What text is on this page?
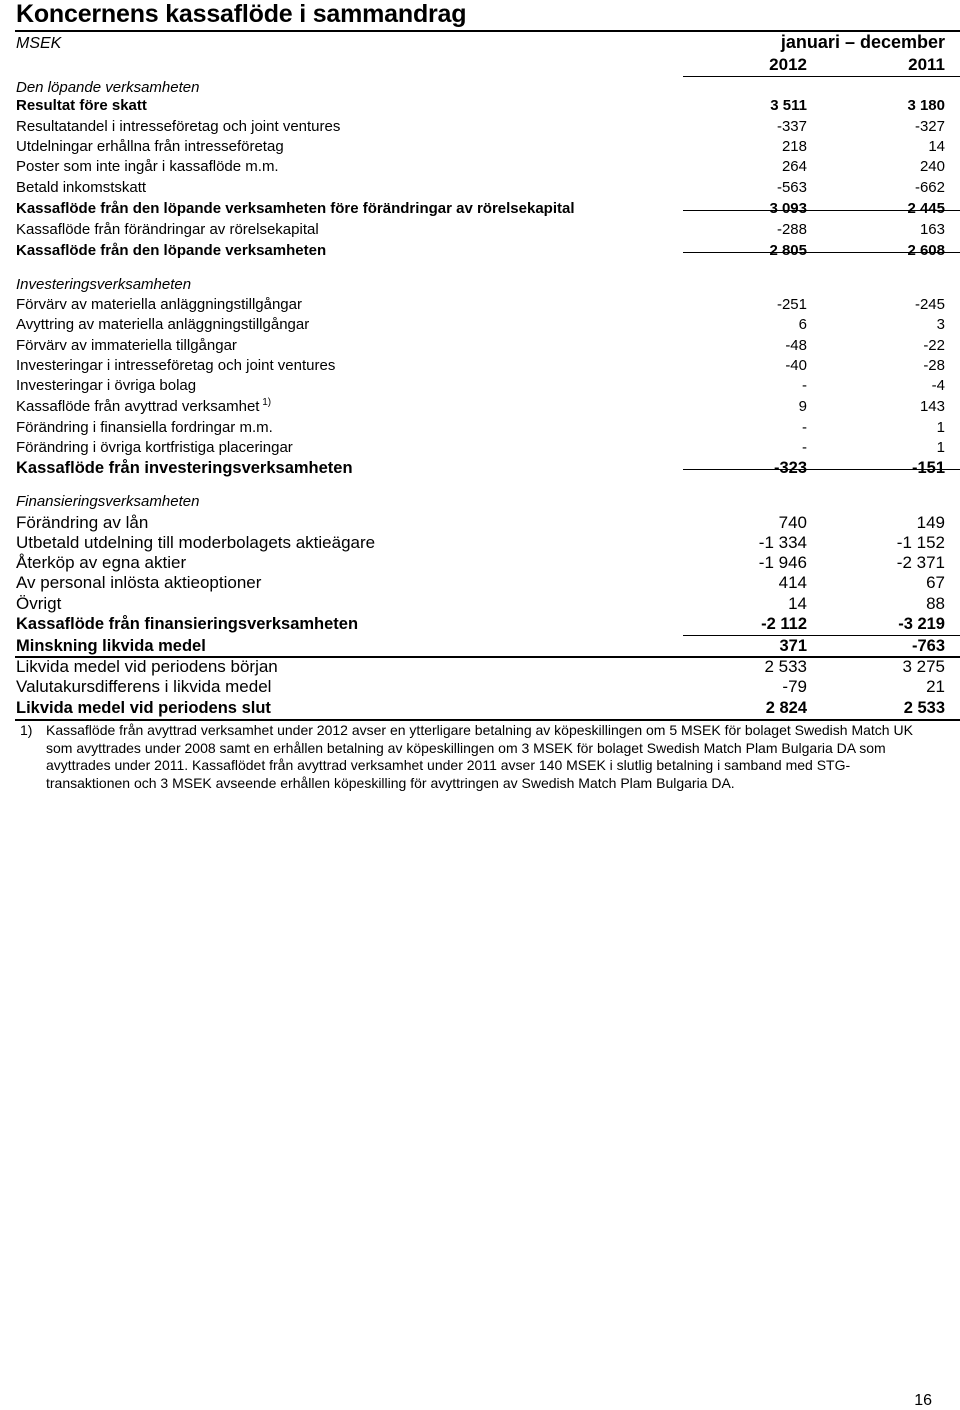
Koncernens kassaflöde i sammandrag
MSEK	januari – december
2012	2011
Den löpande verksamheten
Resultat före skatt	3 511	3 180
Resultatandel i intresseföretag och joint ventures	-337	-327
Utdelningar erhållna från intresseföretag	218	14
Poster som inte ingår i kassaflöde m.m.	264	240
Betald inkomstskatt	-563	-662
Kassaflöde från den löpande verksamheten före förändringar av rörelsekapital	3 093	2 445
Kassaflöde från förändringar av rörelsekapital	-288	163
Kassaflöde från den löpande verksamheten	2 805	2 608
Investeringsverksamheten
Förvärv av materiella anläggningstillgångar	-251	-245
Avyttring av materiella anläggningstillgångar	6	3
Förvärv av immateriella tillgångar	-48	-22
Investeringar i intresseföretag och joint ventures	-40	-28
Investeringar i övriga bolag	-	-4
Kassaflöde från avyttrad verksamhet $^{1)}$	9	143
Förändring i finansiella fordringar m.m.	-	1
Förändring i övriga kortfristiga placeringar	-	1
Kassaflöde från investeringsverksamheten	-323	-151
Finansieringsverksamheten
Förändring av lån	740	149
Utbetald utdelning till moderbolagets aktieägare	-1 334	-1 152
Återköp av egna aktier	-1 946	-2 371
Av personal inlösta aktieoptioner	414	67
Övrigt	14	88
Kassaflöde från finansieringsverksamheten	-2 112	-3 219
Minskning likvida medel	371	-763
Likvida medel vid periodens början	2 533	3 275
Valutakursdifferens i likvida medel	-79	21
Likvida medel vid periodens slut	2 824	2 533
1) Kassaflöde från avyttrad verksamhet under 2012 avser en ytterligare betalning av köpeskillingen om 5 MSEK för bolaget Swedish Match UK som avyttrades under 2008 samt en erhållen betalning av köpeskillingen om 3 MSEK för bolaget Swedish Match Plam Bulgaria DA som avyttrades under 2011. Kassaflödet från avyttrad verksamhet under 2011 avser 140 MSEK i slutlig betalning i samband med STG-transaktionen och 3 MSEK avseende erhållen köpeskilling för avyttringen av Swedish Match Plam Bulgaria DA.
16
